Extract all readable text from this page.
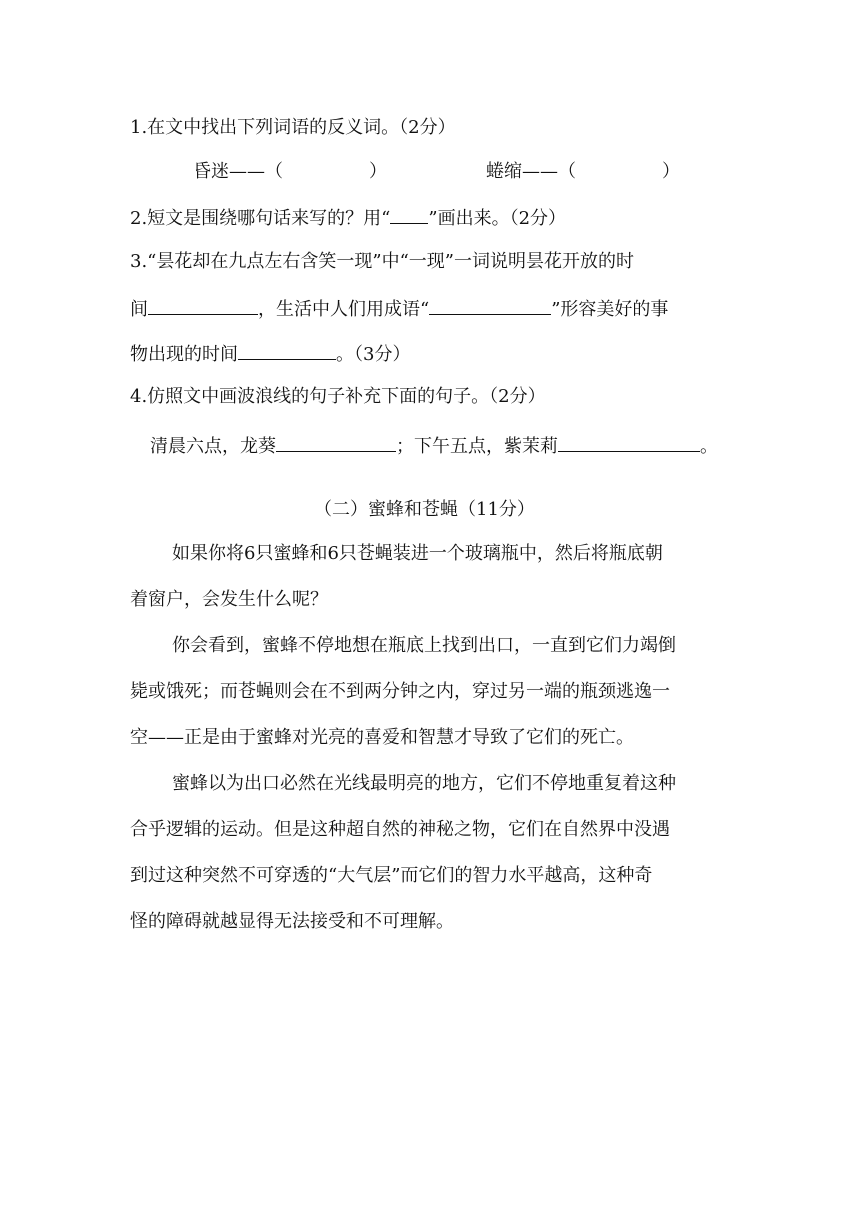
1.在文中找出下列词语的反义词。（2分）
昏迷——（	）	蜷缩——（	）
2.短文是围绕哪句话来写的？用“ ”画出来。（2分）
3.“昙花却在九点左右含笑一现”中“一现”一词说明昙花开放的时
间	，生活中人们用成语“	”形容美好的事
物出现的时间	。（3分）
4.仿照文中画波浪线的句子补充下面的句子。（2分）
清晨六点，龙葵	；下午五点，紫茉莉	。
（二）蜜蜂和苍蝇（11分）
如果你将6只蜜蜂和6只苍蝇装进一个玻璃瓶中，然后将瓶底朝
着窗户，会发生什么呢？
你会看到，蜜蜂不停地想在瓶底上找到出口，一直到它们力竭倒
毙或饿死；而苍蝇则会在不到两分钟之内，穿过另一端的瓶颈逃逸一
空——正是由于蜜蜂对光亮的喜爱和智慧才导致了它们的死亡。
蜜蜂以为出口必然在光线最明亮的地方，它们不停地重复着这种
合乎逻辑的运动。但是这种超自然的神秘之物，它们在自然界中没遇
到过这种突然不可穿透的“大气层”而它们的智力水平越高，这种奇
怪的障碍就越显得无法接受和不可理解。
